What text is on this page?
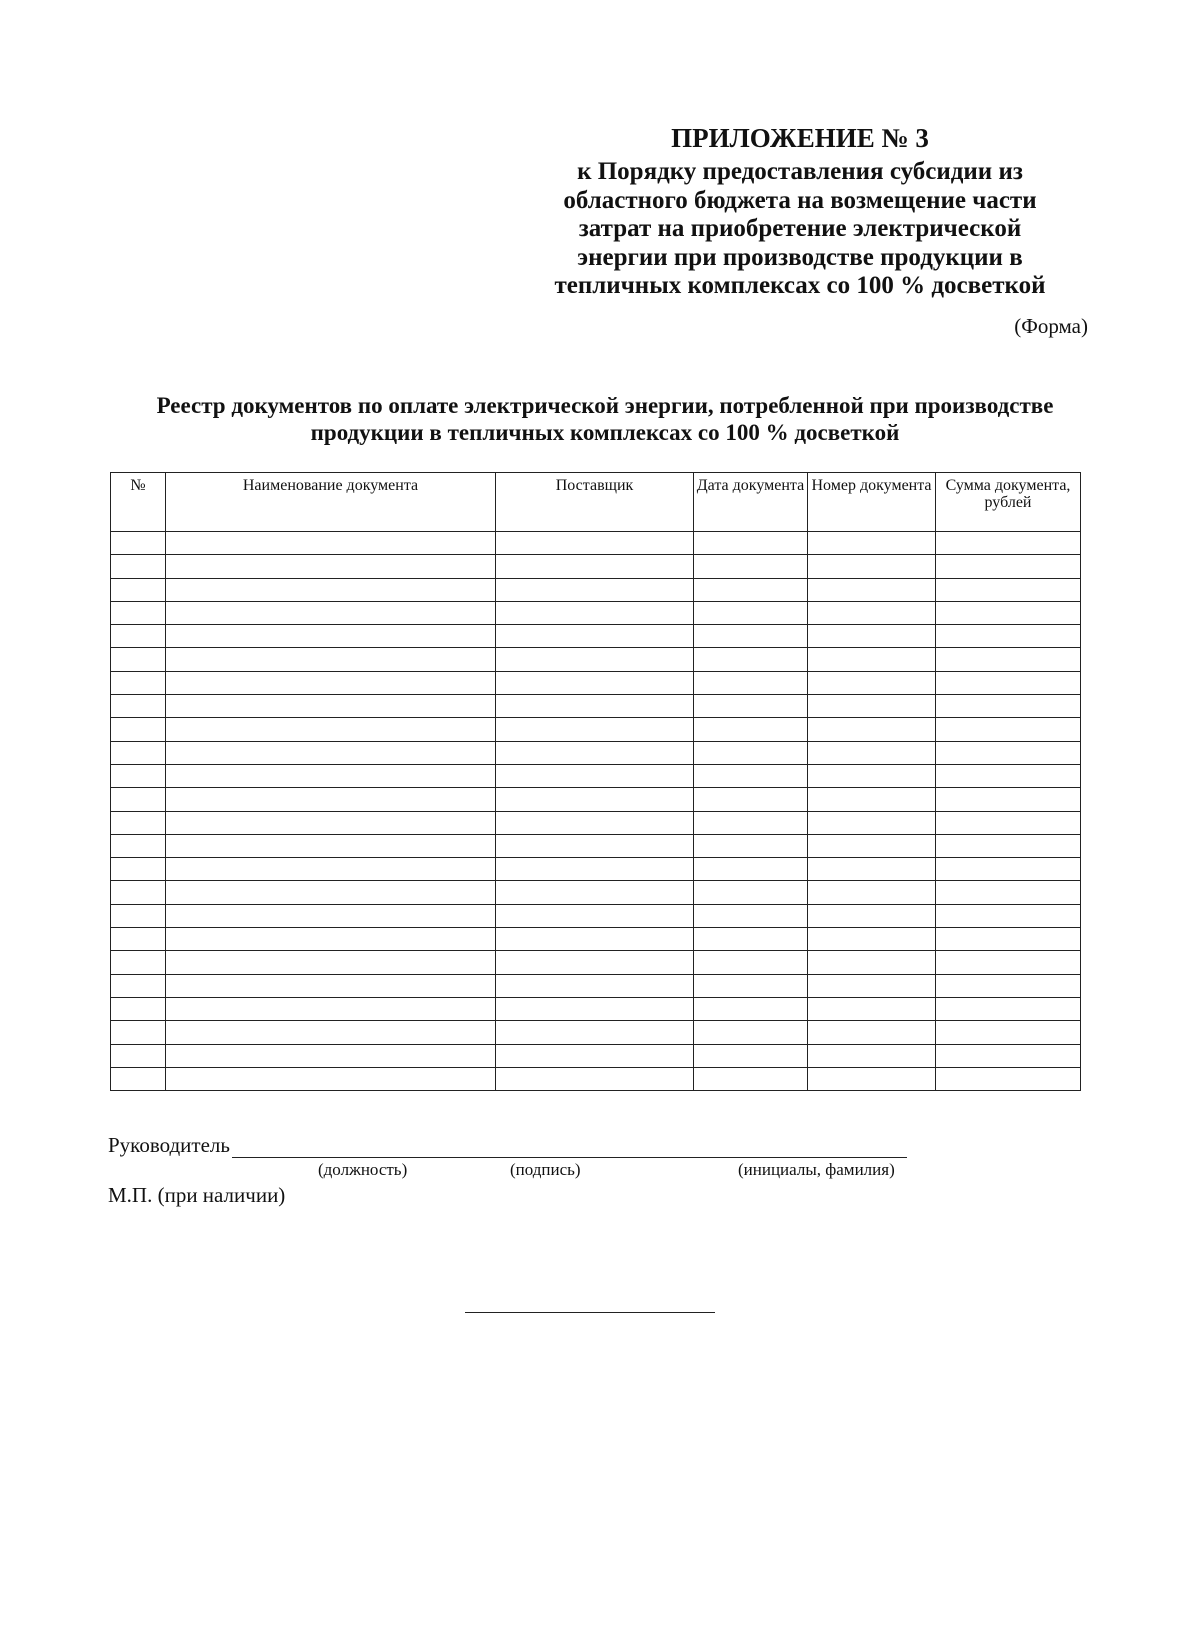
ПРИЛОЖЕНИЕ № 3
к Порядку предоставления субсидии из
областного бюджета на возмещение части
затрат на приобретение электрической
энергии при производстве продукции в
тепличных комплексах со 100 % досветкой
(Форма)
Реестр документов по оплате электрической энергии, потребленной при производстве
продукции в тепличных комплексах со 100 % досветкой
№	Наименование документа	Поставщик	Дата документа	Номер документа	Сумма документа, рублей

Руководитель
(должность)	(подпись)	(инициалы, фамилия)
М.П. (при наличии)
